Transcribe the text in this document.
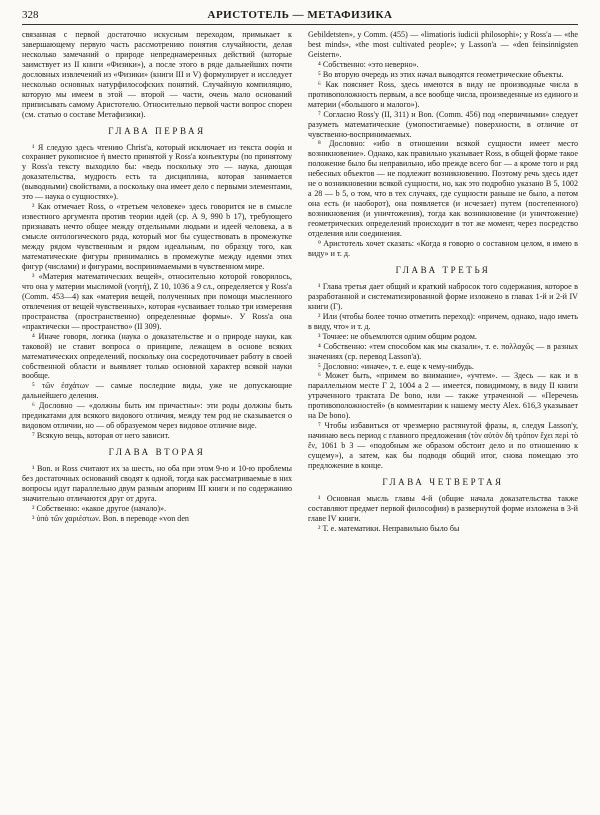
328	АРИСТОТЕЛЬ — МЕТАФИЗИКА

связанная с первой достаточно искусным переходом, примыкает к завершающему первую часть рассмотрению понятия случайности, делая несколько замечаний о природе непреднамеренных действий (которые заимствует из II книги «Физики»), а после этого в ряде дальнейших почти дословных извлечений из «Физики» (книги III и V) формулирует и исследует несколько основных натурфилософских понятий. Случайную компиляцию, которую мы имеем в этой — второй — части, очень мало оснований приписывать самому Аристотелю. Относительно первой части вопрос спорен (см. статью о составе Метафизики).

ГЛАВА ПЕРВАЯ

¹ Я следую здесь чтению Christ'а, который исключает из текста σοφία и сохраняет рукописное ἡ вместо принятой у Ross'а конъектуры (по принятому у Ross'а тексту выходило бы: «ведь поскольку это — наука, дающая доказательства, мудрость есть та дисциплина, которая занимается (выводными) свойствами, а поскольку она имеет дело с первыми элементами, это — наука о сущностях»).

² Как отмечает Ross, о «третьем человеке» здесь говорится не в смысле известного аргумента против теории идей (ср. А 9, 990 b 17), требующего признавать нечто общее между отдельными людьми и идеей человека, а в смысле онтологического ряда, который мог бы существовать в промежутке между рядом чувственным и рядом идеальным, по образцу того, как математические фигуры принимались в промежутке между идеями этих фигур (числами) и фигурами, воспринимаемыми в чувственном мире.

³ «Материя математических вещей», относительно которой говорилось, что она у материи мыслимой (νοητή), Z 10, 1036 а 9 сл., определяется у Ross'а (Comm. 453—4) как «материя вещей, полученных при помощи мысленного отвлечения от вещей чувственных», которая «усваивает только три измерения пространства (пространственно) определенные формы». У Ross'а она «практически — пространство» (II 309).

⁴ Иначе говоря, логика (наука о доказательстве и о природе науки, как таковой) не ставит вопроса о принципе, лежащем в основе всяких математических определений, поскольку она сосредоточивает работу в своей собственной области и выявляет только основной характер всякой науки вообще.

⁵ τῶν ἐσχάτων — самые последние виды, уже не допускающие дальнейшего деления.

⁶ Дословно — «должны быть им причастны»: эти роды должны быть предикатами для всякого видового отличия, между тем род не сказывается о видовом отличии, но — об образуемом через видовое отличие виде.

⁷ Всякую вещь, которая от него зависит.

ГЛАВА ВТОРАЯ

¹ Bon. и Ross считают их за шесть, но оба при этом 9-ю и 10-ю проблемы без достаточных оснований сводят к одной, тогда как рассматриваемые в них вопросы идут параллельно двум разным апориям III книги и по содержанию значительно отличаются друг от друга.

² Собственно: «какое другое (начало)».

³ ὑπὸ τῶν χαριέστων. Bon. в переводе «von den

Gebildetsten», у Comm. (455) — «limatioris iudicii philosophi»; у Ross'а — «the best minds», «the most cultivated people»; у Lasson'а — «den feinsinnigsten Geistern».

⁴ Собственно: «это неверно».

⁵ Во вторую очередь из этих начал выводятся геометрические объекты.

⁶ Как поясняет Ross, здесь имеются в виду не производные числа в противоположность первым, а все вообще числа, произведенные из единого и материи («большого и малого»).

⁷ Согласно Ross'у (II, 311) и Bon. (Comm. 456) под «первичными» следует разуметь математические (умопостигаемые) поверхности, в отличие от чувственно-воспринимаемых.

⁸ Дословно: «ибо в отношении всякой сущности имеет место возникновение». Однако, как правильно указывает Ross, в общей форме такое положение было бы неправильно, ибо прежде всего бог — а кроме того и ряд небесных объектов — не подлежит возникновению. Поэтому речь здесь идет не о возникновении всякой сущности, но, как это подробно указано В 5, 1002 а 28 — b 5, о том, что в тех случаях, где сущности раньше не было, а потом она есть (и наоборот), она появляется (и исчезает) путем (постепенного) возникновения (и уничтожения), тогда как возникновение (и уничтожение) геометрических определений происходит в тот же момент, через посредство отделения или соединения.

⁹ Аристотель хочет сказать: «Когда я говорю о составном целом, я имею в виду» и т. д.

ГЛАВА ТРЕТЬЯ

¹ Глава третья дает общий и краткий набросок того содержания, которое в разработанной и систематизированной форме изложено в главах 1-й и 2-й IV книги (Г).

² Или (чтобы более точно отметить переход): «причем, однако, надо иметь в виду, что» и т. д.

³ Точнее: не объемлются одним общим родом.

⁴ Собственно: «тем способом как мы сказали», т. е. πολλαχῶς — в разных значениях (ср. перевод Lasson'а).

⁵ Дословно: «иначе», т. е. еще к чему-нибудь.

⁶ Может быть, «примем во внимание», «учтем». — Здесь — как и в параллельном месте Г 2, 1004 а 2 — имеется, повидимому, в виду II книги утраченного трактата De bono, или — также утраченной — «Перечень противоположностей» (в комментарии к нашему месту Alex. 616,3 указывает на De bono).

⁷ Чтобы избавиться от чрезмерно растянутой фразы, я, следуя Lasson'у, начинаю весь период с главного предложения (τὸν αὐτὸν δὴ τρόπον ἔχει περὶ τὸ ἕν, 1061 b 3 — «подобным же образом обстоит дело и по отношению к сущему»), а затем, как бы подводя общий итог, снова помещаю это предложение в конце.

ГЛАВА ЧЕТВЕРТАЯ

¹ Основная мысль главы 4-й (общие начала доказательства также составляют предмет первой философии) в развернутой форме изложена в 3-й главе IV книги.

² Т. е. математики. Неправильно было бы
